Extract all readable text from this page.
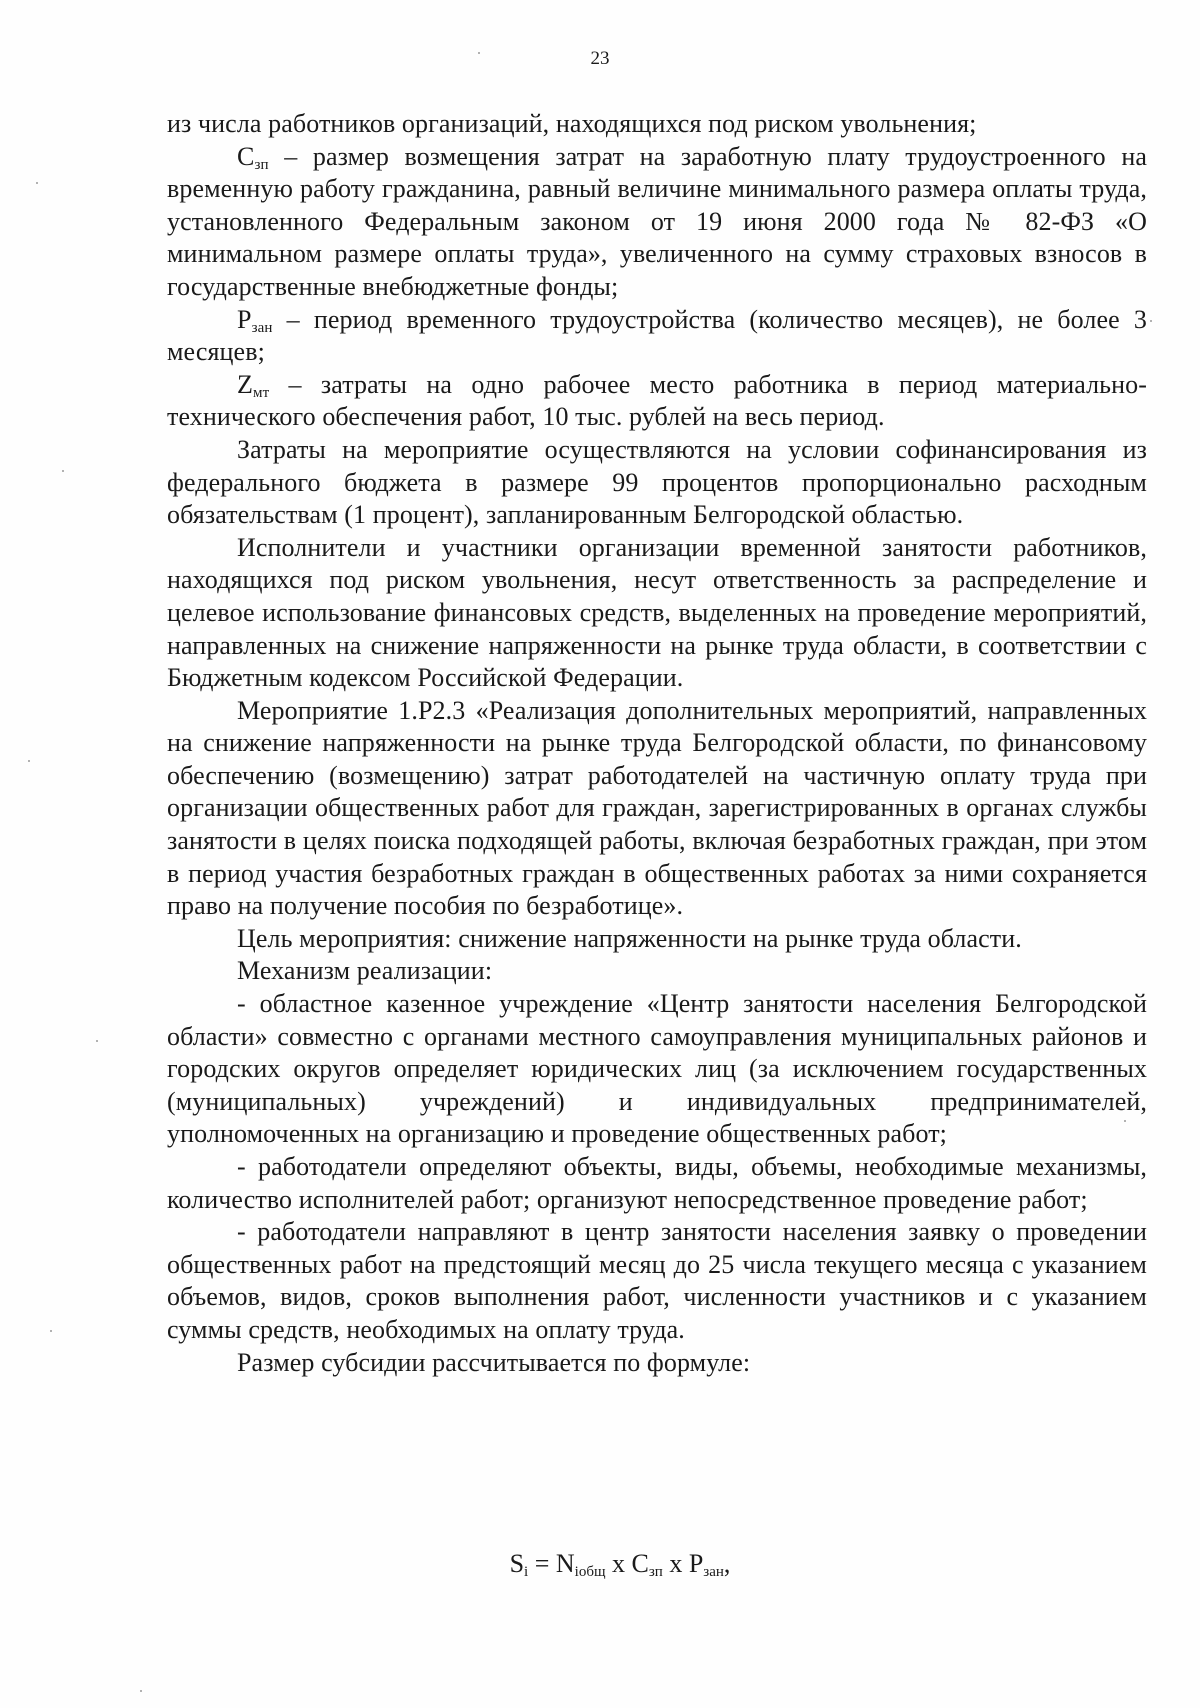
23

из числа работников организаций, находящихся под риском увольнения;

$С_{зп}$ – размер возмещения затрат на заработную плату трудоустроенного на временную работу гражданина, равный величине минимального размера оплаты труда, установленного Федеральным законом от 19 июня 2000 года № 82-ФЗ «О минимальном размере оплаты труда», увеличенного на сумму страховых взносов в государственные внебюджетные фонды;

$Р_{зан}$ – период временного трудоустройства (количество месяцев), не более 3 месяцев;

$Z_{мт}$ – затраты на одно рабочее место работника в период материально-технического обеспечения работ, 10 тыс. рублей на весь период.

Затраты на мероприятие осуществляются на условии софинансирования из федерального бюджета в размере 99 процентов пропорционально расходным обязательствам (1 процент), запланированным Белгородской областью.

Исполнители и участники организации временной занятости работников, находящихся под риском увольнения, несут ответственность за распределение и целевое использование финансовых средств, выделенных на проведение мероприятий, направленных на снижение напряженности на рынке труда области, в соответствии с Бюджетным кодексом Российской Федерации.

Мероприятие 1.Р2.3 «Реализация дополнительных мероприятий, направленных на снижение напряженности на рынке труда Белгородской области, по финансовому обеспечению (возмещению) затрат работодателей на частичную оплату труда при организации общественных работ для граждан, зарегистрированных в органах службы занятости в целях поиска подходящей работы, включая безработных граждан, при этом в период участия безработных граждан в общественных работах за ними сохраняется право на получение пособия по безработице».

Цель мероприятия: снижение напряженности на рынке труда области.

Механизм реализации:

- областное казенное учреждение «Центр занятости населения Белгородской области» совместно с органами местного самоуправления муниципальных районов и городских округов определяет юридических лиц (за исключением государственных (муниципальных) учреждений) и индивидуальных предпринимателей, уполномоченных на организацию и проведение общественных работ;

- работодатели определяют объекты, виды, объемы, необходимые механизмы, количество исполнителей работ; организуют непосредственное проведение работ;

- работодатели направляют в центр занятости населения заявку о проведении общественных работ на предстоящий месяц до 25 числа текущего месяца с указанием объемов, видов, сроков выполнения работ, численности участников и с указанием суммы средств, необходимых на оплату труда.

Размер субсидии рассчитывается по формуле:

$S_i = N_{iобщ}$ x $С_{зп}$ x $Р_{зан}$,
